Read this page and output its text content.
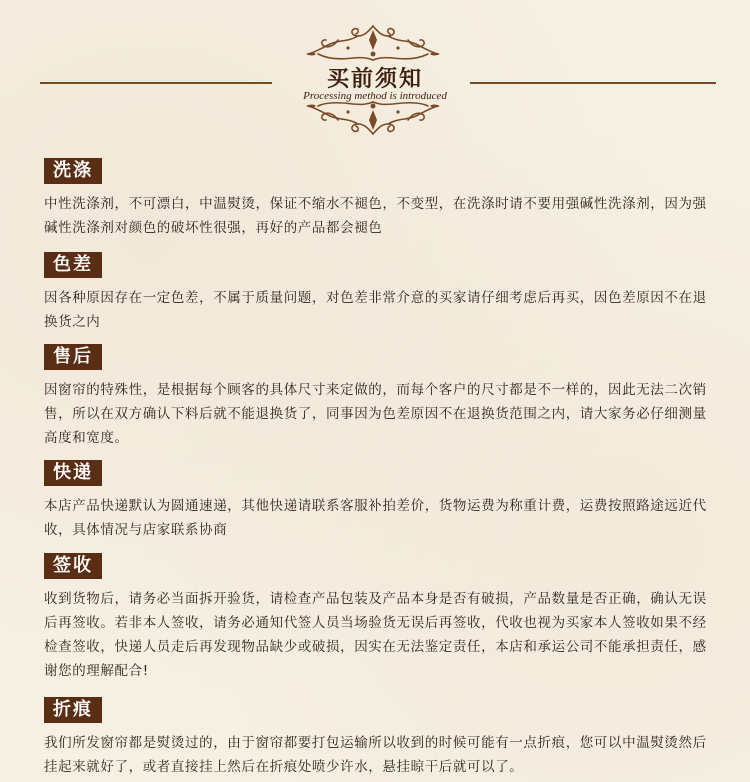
买前须知
Processing method is introduced
洗涤
中性洗涤剂，不可漂白，中温熨烫，保证不缩水不褪色，不变型，在洗涤时请不要用强碱性洗涤剂，因为强碱性洗涤剂对颜色的破坏性很强，再好的产品都会褪色
色差
因各种原因存在一定色差，不属于质量问题，对色差非常介意的买家请仔细考虑后再买，因色差原因不在退换货之内
售后
因窗帘的特殊性，是根据每个顾客的具体尺寸来定做的，而每个客户的尺寸都是不一样的，因此无法二次销售，所以在双方确认下料后就不能退换货了，同事因为色差原因不在退换货范围之内，请大家务必仔细测量高度和宽度。
快递
本店产品快递默认为圆通速递，其他快递请联系客服补拍差价，货物运费为称重计费，运费按照路途远近代收，具体情况与店家联系协商
签收
收到货物后，请务必当面拆开验货，请检查产品包装及产品本身是否有破损，产品数量是否正确，确认无误后再签收。若非本人签收，请务必通知代签人员当场验货无误后再签收，代收也视为买家本人签收如果不经检查签收，快递人员走后再发现物品缺少或破损，因实在无法鉴定责任，本店和承运公司不能承担责任，感谢您的理解配合!
折痕
我们所发窗帘都是熨烫过的，由于窗帘都要打包运输所以收到的时候可能有一点折痕，您可以中温熨烫然后挂起来就好了，或者直接挂上然后在折痕处喷少许水，悬挂晾干后就可以了。
